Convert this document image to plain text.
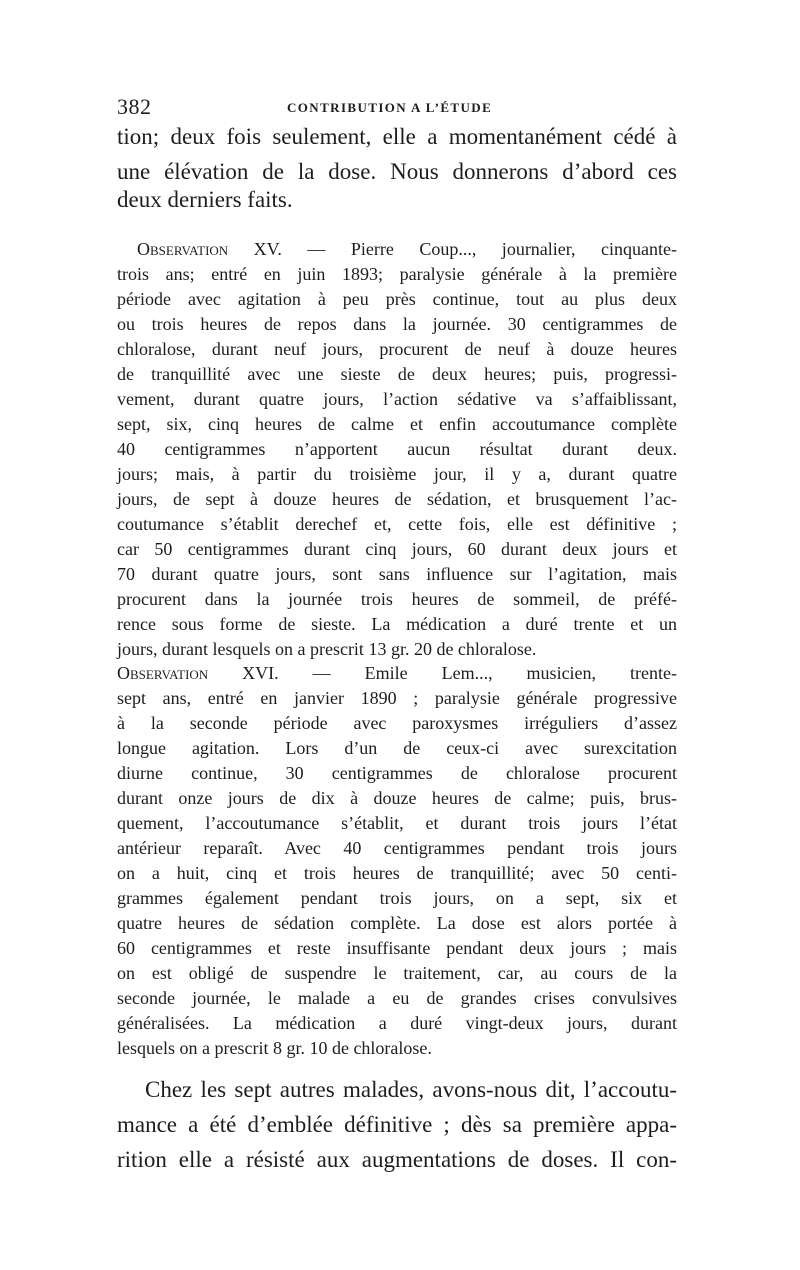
382	CONTRIBUTION A L’ÉTUDE
tion; deux fois seulement, elle a momentanément cédé à
une élévation de la dose. Nous donnerons d’abord ces
deux derniers faits.
Observation XV. — Pierre Coup..., journalier, cinquante-
trois ans; entré en juin 1893; paralysie générale à la première
période avec agitation à peu près continue, tout au plus deux
ou trois heures de repos dans la journée. 30 centigrammes de
chloralose, durant neuf jours, procurent de neuf à douze heures
de tranquillité avec une sieste de deux heures; puis, progressi-
vement, durant quatre jours, l’action sédative va s’affaiblissant,
sept, six, cinq heures de calme et enfin accoutumance complète
40 centigrammes n’apportent aucun résultat durant deux.
jours; mais, à partir du troisième jour, il y a, durant quatre
jours, de sept à douze heures de sédation, et brusquement l’ac-
coutumance s’établit derechef et, cette fois, elle est définitive ;
car 50 centigrammes durant cinq jours, 60 durant deux jours et
70 durant quatre jours, sont sans influence sur l’agitation, mais
procurent dans la journée trois heures de sommeil, de préfé-
rence sous forme de sieste. La médication a duré trente et un
jours, durant lesquels on a prescrit 13 gr. 20 de chloralose.
Observation XVI. — Emile Lem..., musicien, trente-
sept ans, entré en janvier 1890 ; paralysie générale progressive
à la seconde période avec paroxysmes irréguliers d’assez
longue agitation. Lors d’un de ceux-ci avec surexcitation
diurne continue, 30 centigrammes de chloralose procurent
durant onze jours de dix à douze heures de calme; puis, brus-
quement, l’accoutumance s’établit, et durant trois jours l’état
antérieur reparaît. Avec 40 centigrammes pendant trois jours
on a huit, cinq et trois heures de tranquillité; avec 50 centi-
grammes également pendant trois jours, on a sept, six et
quatre heures de sédation complète. La dose est alors portée à
60 centigrammes et reste insuffisante pendant deux jours ; mais
on est obligé de suspendre le traitement, car, au cours de la
seconde journée, le malade a eu de grandes crises convulsives
généralisées. La médication a duré vingt-deux jours, durant
lesquels on a prescrit 8 gr. 10 de chloralose.
Chez les sept autres malades, avons-nous dit, l’accoutu-
mance a été d’emblée définitive ; dès sa première appa-
rition elle a résisté aux augmentations de doses. Il con-
